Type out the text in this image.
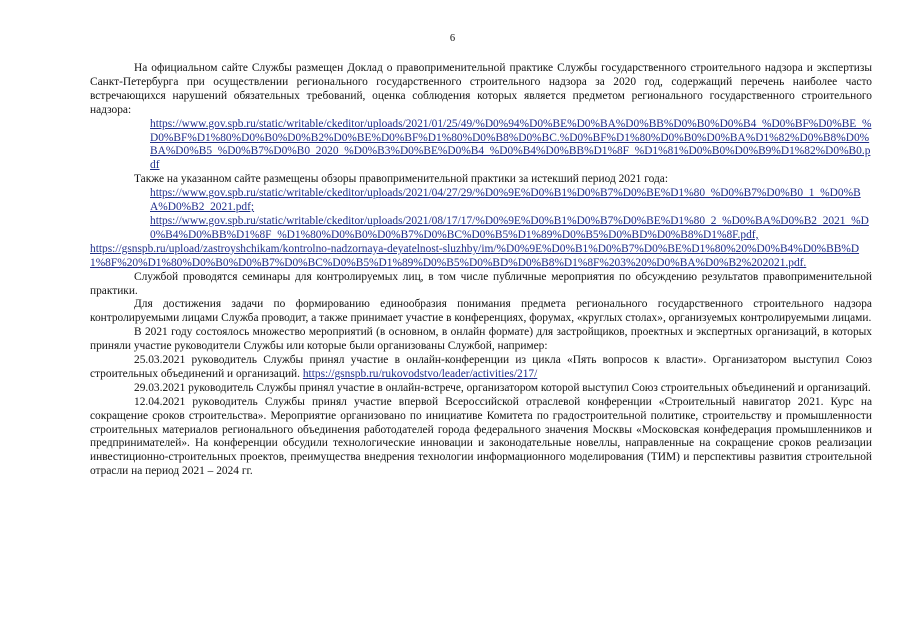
6

На официальном сайте Службы размещен Доклад о правоприменительной практике Службы государственного строительного надзора и экспертизы Санкт-Петербурга при осуществлении регионального государственного строительного надзора за 2020 год, содержащий перечень наиболее часто встречающихся нарушений обязательных требований, оценка соблюдения которых является предметом регионального государственного строительного надзора:

https://www.gov.spb.ru/static/writable/ckeditor/uploads/2021/01/25/49/%D0%94%D0%BE%D0%BA%D0%BB%D0%B0%D0%B4_%D0%BF%D0%BE_%D0%BF%D1%80%D0%B0%D0%B2%D0%BE%D0%BF%D1%80%D0%B8%D0%BC.%D0%BF%D1%80%D0%B0%D0%BA%D1%82%D0%B8%D0%BA%D0%B5_%D0%B7%D0%B0_2020_%D0%B3%D0%BE%D0%B4_%D0%B4%D0%BB%D1%8F_%D1%81%D0%B0%D0%B9%D1%82%D0%B0.pdf

Также на указанном сайте размещены обзоры правоприменительной практики за истекший период 2021 года:

https://www.gov.spb.ru/static/writable/ckeditor/uploads/2021/04/27/29/%D0%9E%D0%B1%D0%B7%D0%BE%D1%80_%D0%B7%D0%B0_1_%D0%BA%D0%B2_2021.pdf;

https://www.gov.spb.ru/static/writable/ckeditor/uploads/2021/08/17/17/%D0%9E%D0%B1%D0%B7%D0%BE%D1%80_2_%D0%BA%D0%B2_2021_%D0%B4%D0%BB%D1%8F_%D1%80%D0%B0%D0%B7%D0%BC%D0%B5%D1%89%D0%B5%D0%BD%D0%B8%D1%8F.pdf,

https://gsnspb.ru/upload/zastroyshchikam/kontrolno-nadzornaya-deyatelnost-sluzhby/im/%D0%9E%D0%B1%D0%B7%D0%BE%D1%80%20%D0%B4%D0%BB%D1%8F%20%D1%80%D0%B0%D0%B7%D0%BC%D0%B5%D1%89%D0%B5%D0%BD%D0%B8%D1%8F%203%20%D0%BA%D0%B2%202021.pdf.

Службой проводятся семинары для контролируемых лиц, в том числе публичные мероприятия по обсуждению результатов правоприменительной практики.

Для достижения задачи по формированию единообразия понимания предмета регионального государственного строительного надзора контролируемыми лицами Служба проводит, а также принимает участие в конференциях, форумах, «круглых столах», организуемых контролируемыми лицами.

В 2021 году состоялось множество мероприятий (в основном, в онлайн формате) для застройщиков, проектных и экспертных организаций, в которых приняли участие руководители Службы или которые были организованы Службой, например:

25.03.2021 руководитель Службы принял участие в онлайн-конференции из цикла «Пять вопросов к власти». Организатором выступил Союз строительных объединений и организаций. https://gsnspb.ru/rukovodstvo/leader/activities/217/

29.03.2021 руководитель Службы принял участие в онлайн-встрече, организатором которой выступил Союз строительных объединений и организаций.

12.04.2021 руководитель Службы принял участие впервой Всероссийской отраслевой конференции «Строительный навигатор 2021. Курс на сокращение сроков строительства». Мероприятие организовано по инициативе Комитета по градостроительной политике, строительству и промышленности строительных материалов регионального объединения работодателей города федерального значения Москвы «Московская конфедерация промышленников и предпринимателей». На конференции обсудили технологические инновации и законодательные новеллы, направленные на сокращение сроков реализации инвестиционно-строительных проектов, преимущества внедрения технологии информационного моделирования (ТИМ) и перспективы развития строительной отрасли на период 2021 – 2024 гг.
